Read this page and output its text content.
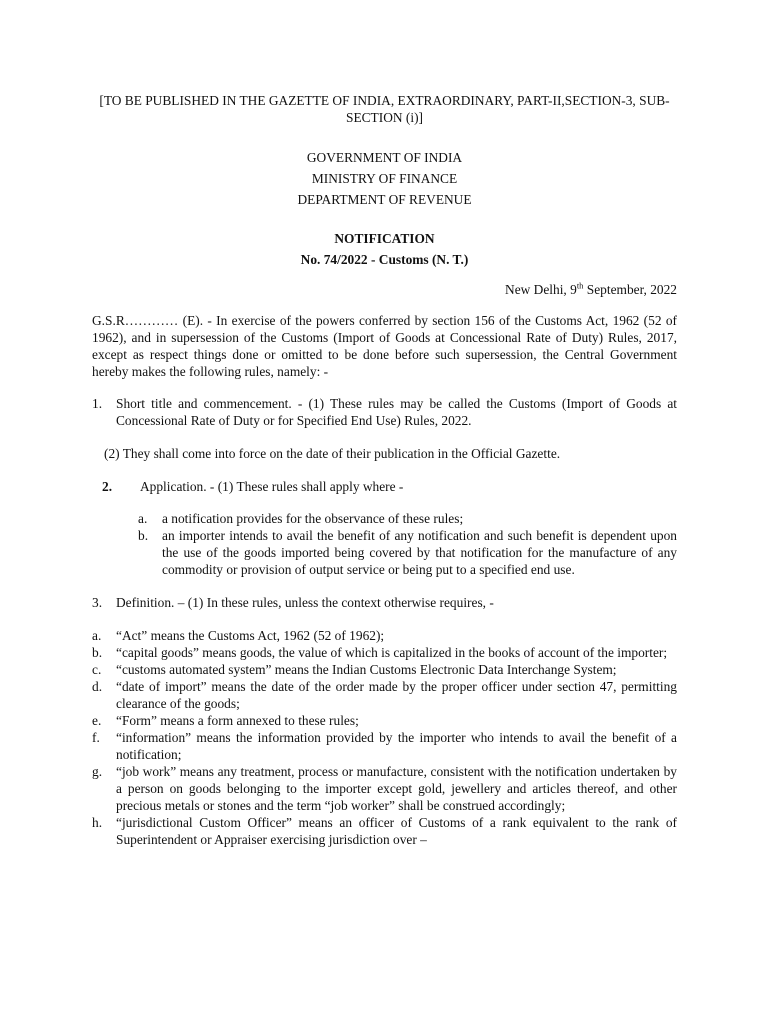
[TO BE PUBLISHED IN THE GAZETTE OF INDIA, EXTRAORDINARY, PART-II,SECTION-3, SUB-SECTION (i)]
GOVERNMENT OF INDIA
MINISTRY OF FINANCE
DEPARTMENT OF REVENUE
NOTIFICATION
No. 74/2022 - Customs (N. T.)
New Delhi, 9th September, 2022
G.S.R………… (E). - In exercise of the powers conferred by section 156 of the Customs Act, 1962 (52 of 1962), and in supersession of the Customs (Import of Goods at Concessional Rate of Duty) Rules, 2017, except as respect things done or omitted to be done before such supersession, the Central Government hereby makes the following rules, namely: -
1.	Short title and commencement. - (1) These rules may be called the Customs (Import of Goods at Concessional Rate of Duty or for Specified End Use) Rules, 2022.
(2) They shall come into force on the date of their publication in the Official Gazette.
2.	Application. - (1) These rules shall apply where -
a.	a notification provides for the observance of these rules;
b.	an importer intends to avail the benefit of any notification and such benefit is dependent upon the use of the goods imported being covered by that notification for the manufacture of any commodity or provision of output service or being put to a specified end use.
3.	Definition. – (1) In these rules, unless the context otherwise requires, -
a.	“Act” means the Customs Act, 1962 (52 of 1962);
b.	“capital goods” means goods, the value of which is capitalized in the books of account of the importer;
c.	“customs automated system” means the Indian Customs Electronic Data Interchange System;
d.	“date of import” means the date of the order made by the proper officer under section 47, permitting clearance of the goods;
e.	“Form” means a form annexed to these rules;
f.	“information” means the information provided by the importer who intends to avail the benefit of a notification;
g.	“job work” means any treatment, process or manufacture, consistent with the notification undertaken by a person on goods belonging to the importer except gold, jewellery and articles thereof, and other precious metals or stones and the term “job worker” shall be construed accordingly;
h.	“jurisdictional Custom Officer” means an officer of Customs of a rank equivalent to the rank of Superintendent or Appraiser exercising jurisdiction over –
